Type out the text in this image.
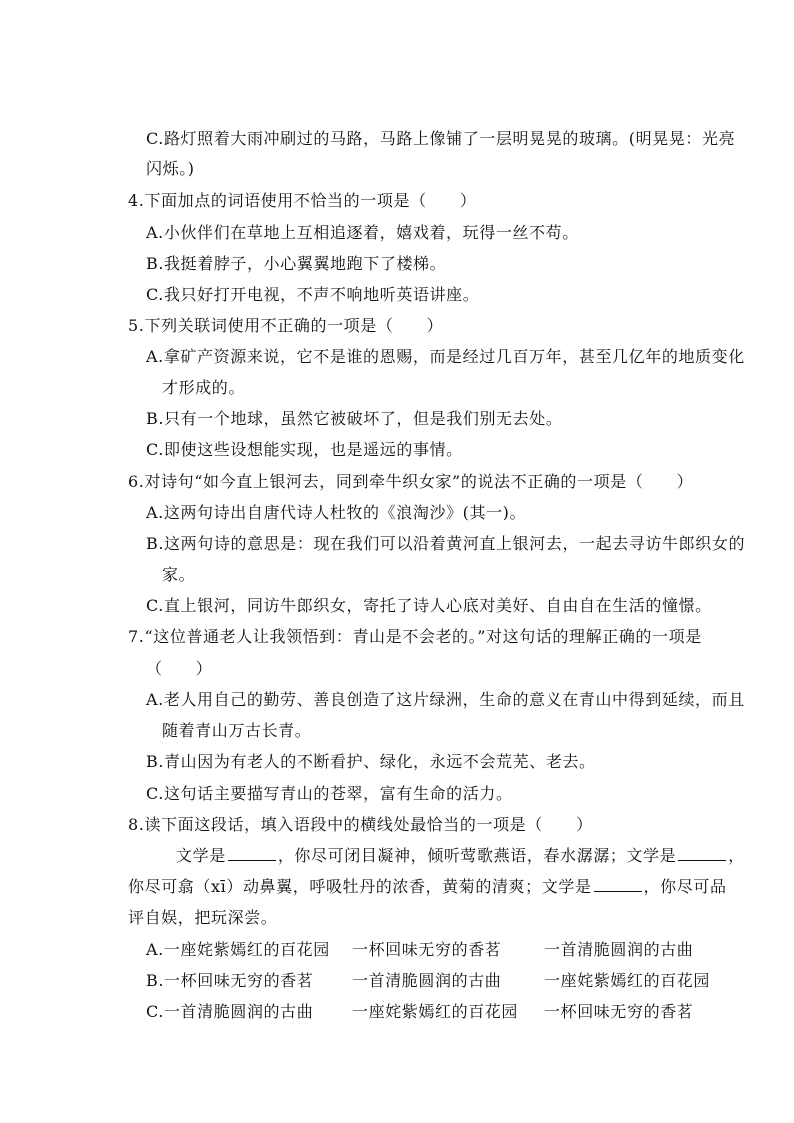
C.路灯照着大雨冲刷过的马路，马路上像铺了一层明晃晃的玻璃。(明晃晃：光亮
闪烁。)
4.下面加点的词语使用不恰当的一项是（　　）
A.小伙伴们在草地上互相追逐着，嬉戏着，玩得一丝不苟。
B.我挺着脖子，小心翼翼地跑下了楼梯。
C.我只好打开电视，不声不响地听英语讲座。
5.下列关联词使用不正确的一项是（　　）
A.拿矿产资源来说，它不是谁的恩赐，而是经过几百万年，甚至几亿年的地质变化
才形成的。
B.只有一个地球，虽然它被破坏了，但是我们别无去处。
C.即使这些设想能实现，也是遥远的事情。
6.对诗句“如今直上银河去，同到牵牛织女家”的说法不正确的一项是（　　）
A.这两句诗出自唐代诗人杜牧的《浪淘沙》(其一)。
B.这两句诗的意思是：现在我们可以沿着黄河直上银河去，一起去寻访牛郎织女的
家。
C.直上银河，同访牛郎织女，寄托了诗人心底对美好、自由自在生活的憧憬。
7.“这位普通老人让我领悟到：青山是不会老的。”对这句话的理解正确的一项是
（　　）
A.老人用自己的勤劳、善良创造了这片绿洲，生命的意义在青山中得到延续，而且
随着青山万古长青。
B.青山因为有老人的不断看护、绿化，永远不会荒芜、老去。
C.这句话主要描写青山的苍翠，富有生命的活力。
8.读下面这段话，填入语段中的横线处最恰当的一项是（　　）
文学是	，你尽可闭目凝神，倾听莺歌燕语，春水潺潺；文学是	，
你尽可翕（xī）动鼻翼，呼吸牡丹的浓香，黄菊的清爽；文学是	，你尽可品
评自娱，把玩深尝。
A.一座姹紫嫣红的百花园 一杯回味无穷的香茗	一首清脆圆润的古曲
B.一杯回味无穷的香茗 一首清脆圆润的古曲	一座姹紫嫣红的百花园
C.一首清脆圆润的古曲 一座姹紫嫣红的百花园 一杯回味无穷的香茗
